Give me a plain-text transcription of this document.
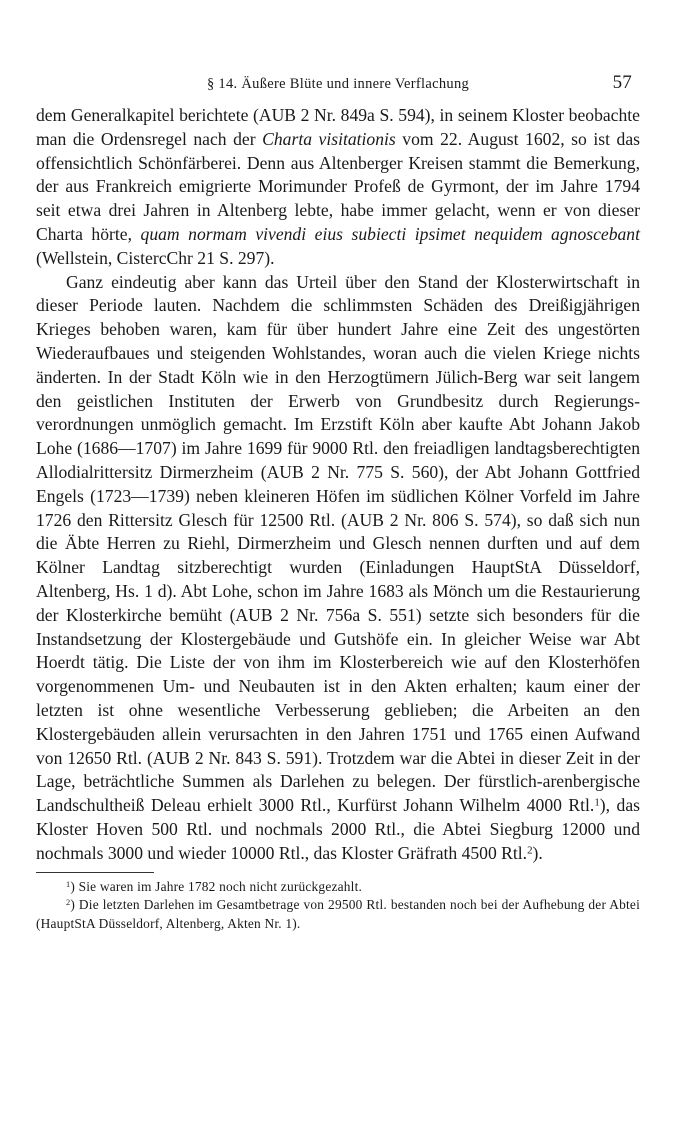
§ 14. Äußere Blüte und innere Verflachung	57

dem Generalkapitel berichtete (AUB 2 Nr. 849a S. 594), in seinem Kloster beobachte man die Ordensregel nach der Charta visitationis vom 22. August 1602, so ist das offensichtlich Schönfärberei. Denn aus Altenberger Kreisen stammt die Bemerkung, der aus Frankreich emigrierte Morimunder Profeß de Gyrmont, der im Jahre 1794 seit etwa drei Jahren in Altenberg lebte, habe immer gelacht, wenn er von dieser Charta hörte, quam normam vivendi eius subiecti ipsimet nequidem agnoscebant (Wellstein, CistercChr 21 S. 297).

Ganz eindeutig aber kann das Urteil über den Stand der Klosterwirtschaft in dieser Periode lauten. Nachdem die schlimmsten Schäden des Dreißigjährigen Krieges behoben waren, kam für über hundert Jahre eine Zeit des ungestörten Wiederaufbaues und steigenden Wohlstandes, woran auch die vielen Kriege nichts änderten. In der Stadt Köln wie in den Herzogtümern Jülich-Berg war seit langem den geistlichen Instituten der Erwerb von Grundbesitz durch Regierungsverordnungen unmöglich gemacht. Im Erzstift Köln aber kaufte Abt Johann Jakob Lohe (1686—1707) im Jahre 1699 für 9000 Rtl. den freiadligen landtagsberechtigten Allodialrittersitz Dirmerzheim (AUB 2 Nr. 775 S. 560), der Abt Johann Gottfried Engels (1723—1739) neben kleineren Höfen im südlichen Kölner Vorfeld im Jahre 1726 den Rittersitz Glesch für 12500 Rtl. (AUB 2 Nr. 806 S. 574), so daß sich nun die Äbte Herren zu Riehl, Dirmerzheim und Glesch nennen durften und auf dem Kölner Landtag sitzberechtigt wurden (Einladungen HauptStA Düsseldorf, Altenberg, Hs. 1 d). Abt Lohe, schon im Jahre 1683 als Mönch um die Restaurierung der Klosterkirche bemüht (AUB 2 Nr. 756a S. 551) setzte sich besonders für die Instandsetzung der Klostergebäude und Gutshöfe ein. In gleicher Weise war Abt Hoerdt tätig. Die Liste der von ihm im Klosterbereich wie auf den Klosterhöfen vorgenommenen Um- und Neubauten ist in den Akten erhalten; kaum einer der letzten ist ohne wesentliche Verbesserung geblieben; die Arbeiten an den Klostergebäuden allein verursachten in den Jahren 1751 und 1765 einen Aufwand von 12650 Rtl. (AUB 2 Nr. 843 S. 591). Trotzdem war die Abtei in dieser Zeit in der Lage, beträchtliche Summen als Darlehen zu belegen. Der fürstlich-arenbergische Landschultheiß Deleau erhielt 3000 Rtl., Kurfürst Johann Wilhelm 4000 Rtl.$^1$), das Kloster Hoven 500 Rtl. und nochmals 2000 Rtl., die Abtei Siegburg 12000 und nochmals 3000 und wieder 10000 Rtl., das Kloster Gräfrath 4500 Rtl.$^2$).

$^1$) Sie waren im Jahre 1782 noch nicht zurückgezahlt.

$^2$) Die letzten Darlehen im Gesamtbetrage von 29500 Rtl. bestanden noch bei der Aufhebung der Abtei (HauptStA Düsseldorf, Altenberg, Akten Nr. 1).
